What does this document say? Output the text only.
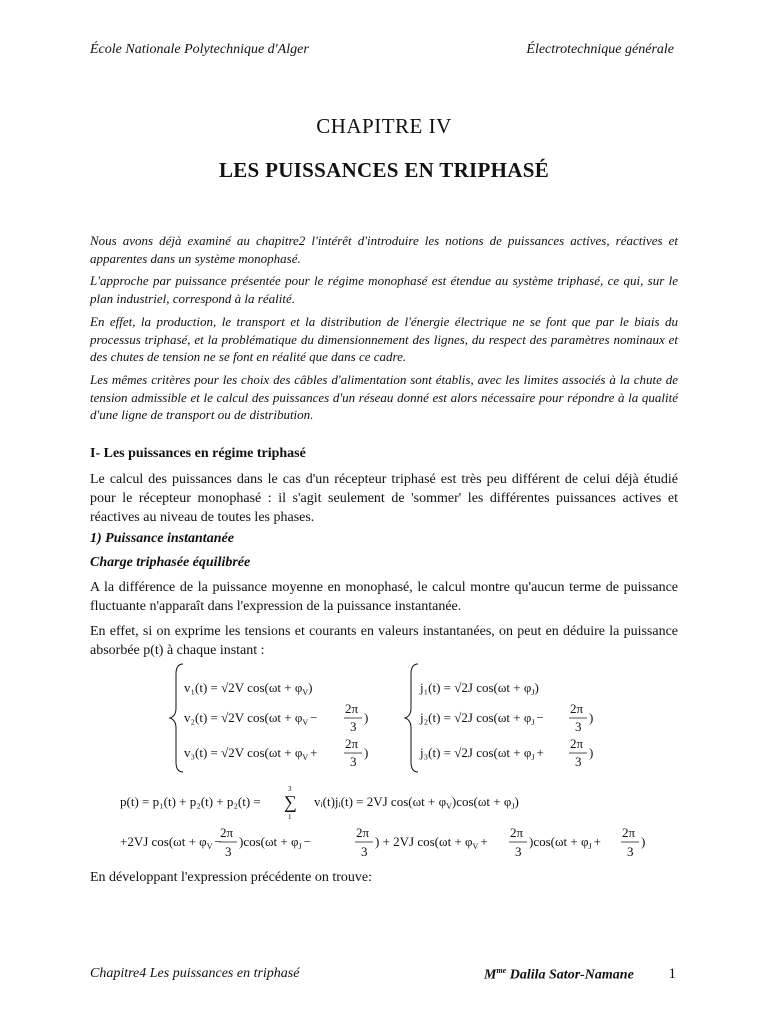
École Nationale Polytechnique d'Alger	Électrotechnique générale
CHAPITRE IV
LES PUISSANCES EN TRIPHASÉ

Nous avons déjà examiné au chapitre2 l'intérêt d'introduire les notions de puissances actives, réactives et apparentes dans un système monophasé.

L'approche par puissance présentée pour le régime monophasé est étendue au système triphasé, ce qui, sur le plan industriel, correspond à la réalité.

En effet, la production, le transport et la distribution de l'énergie électrique ne se font que par le biais du processus triphasé, et la problématique du dimensionnement des lignes, du respect des paramètres nominaux et des chutes de tension ne se font en réalité que dans ce cadre.

Les mêmes critères pour les choix des câbles d'alimentation sont établis, avec les limites associés à la chute de tension admissible et le calcul des puissances d'un réseau donné est alors nécessaire pour répondre à la qualité d'une ligne de transport ou de distribution.

I- Les puissances en régime triphasé

Le calcul des puissances dans le cas d'un récepteur triphasé est très peu différent de celui déjà étudié pour le récepteur monophasé : il s'agit seulement de 'sommer' les différentes puissances actives et réactives au niveau de toutes les phases.

1) Puissance instantanée

Charge triphasée équilibrée

A la différence de la puissance moyenne en monophasé, le calcul montre qu'aucun terme de puissance fluctuante n'apparaît dans l'expression de la puissance instantanée.

En effet, si on exprime les tensions et courants en valeurs instantanées, on peut en déduire la puissance absorbée p(t) à chaque instant :

v₁(t) = √2V $\cos(\omega t + \varphi_V)$
v₂(t) = √2V $\cos(\omega t + \varphi_V$ −
2π
3
)
v₃(t) = √2V $\cos(\omega t + \varphi_V$ +
2π
3
)
j₁(t) = √2J $\cos(\omega t + \varphi_J)$
j₂(t) = √2J $\cos(\omega t + \varphi_J$ −
2π
3
)
j₃(t) = √2J $\cos(\omega t + \varphi_J$ +
2π
3
)
p(t) = p₁(t) + p₂(t) + p₂(t) =
3
∑
1
vᵢ(t)jᵢ(t) = 2VJ $\cos(\omega t + \varphi_V)\cos(\omega t + \varphi_J)$
+2VJ $\cos(\omega t + \varphi_V$ −
2π
3
)$\cos(\omega t + \varphi_J$ −
2π
3
) + 2VJ $\cos(\omega t + \varphi_V$ +
2π
3
)$\cos(\omega t + \varphi_J$ +
2π
3
)

En développant l'expression précédente on trouve:

Chapitre4 Les puissances en triphasé	$M^{me}$ Dalila Sator-Namane 1
